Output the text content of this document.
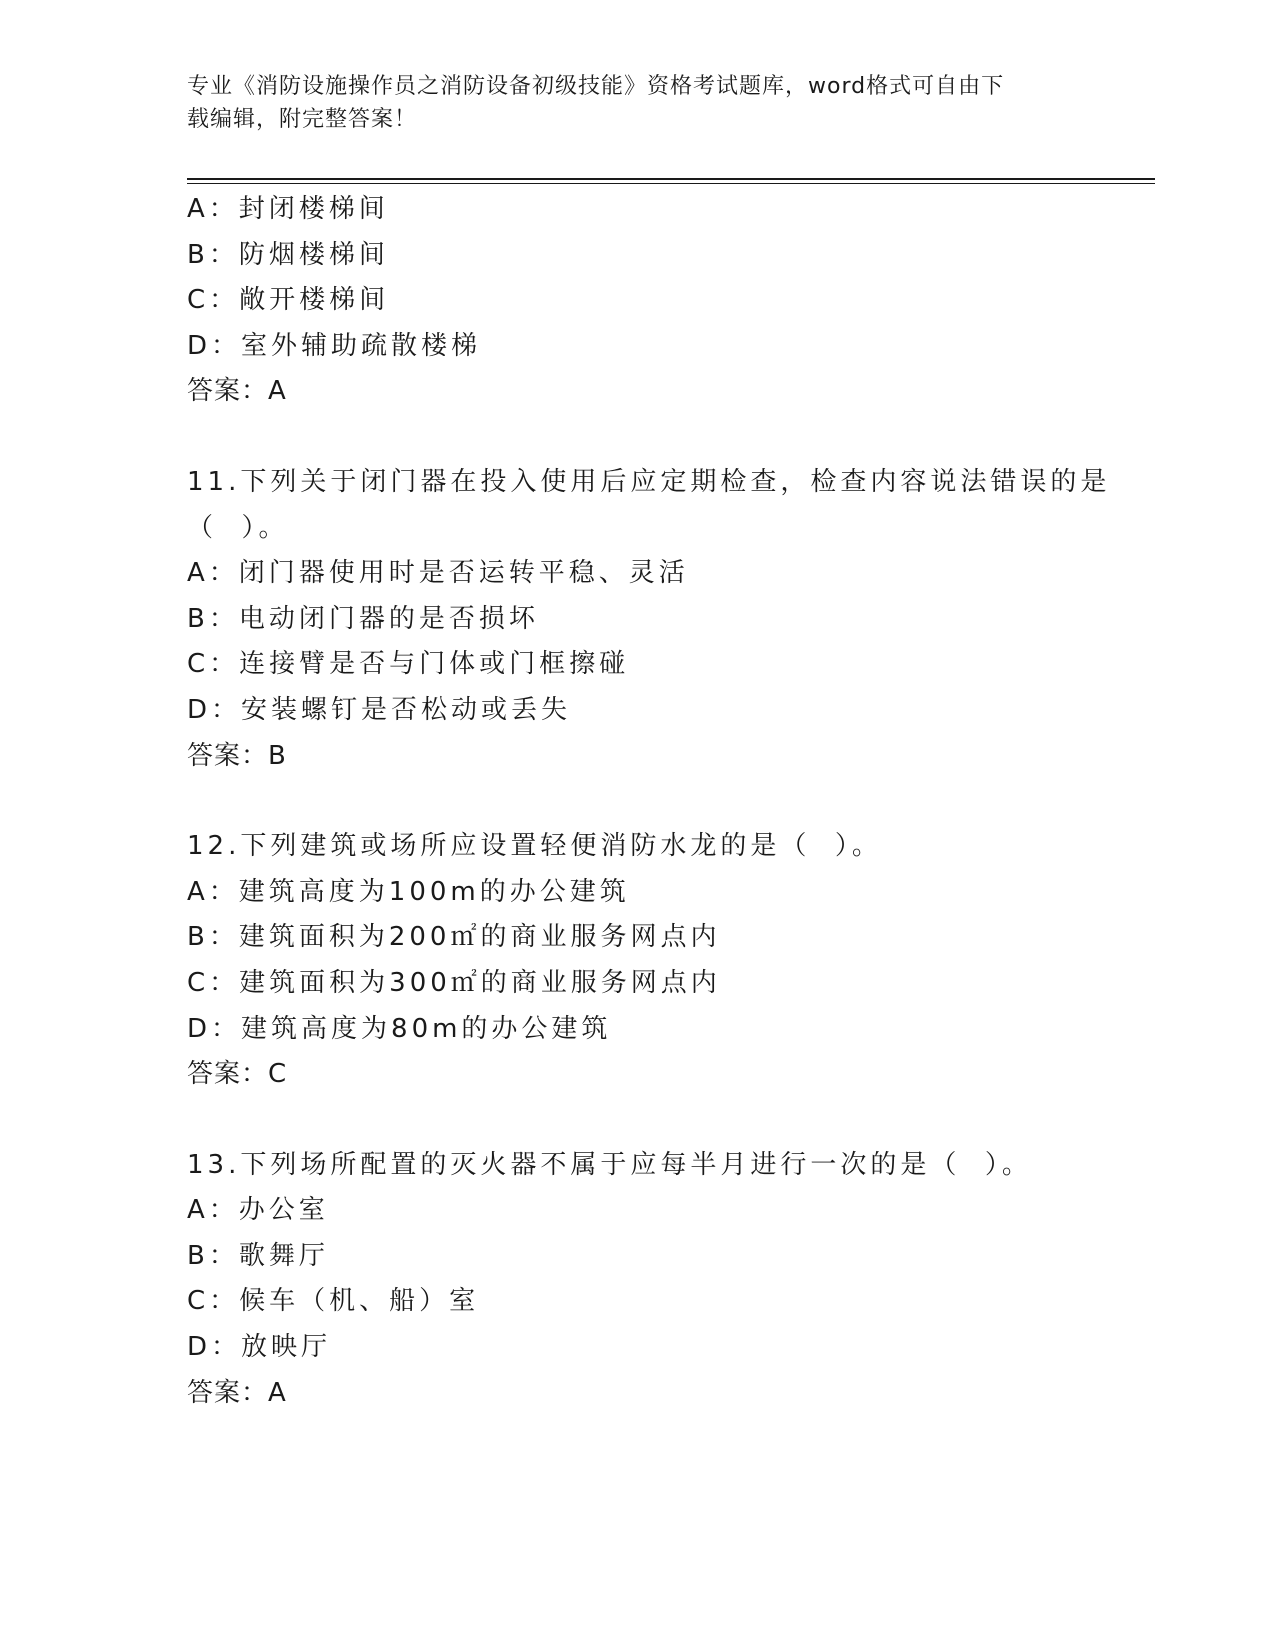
专业《消防设施操作员之消防设备初级技能》资格考试题库，word格式可自由下
载编辑，附完整答案！
A：封闭楼梯间
B：防烟楼梯间
C：敞开楼梯间
D：室外辅助疏散楼梯
答案：A
11.下列关于闭门器在投入使用后应定期检查，检查内容说法错误的是
（  ）。
A：闭门器使用时是否运转平稳、灵活
B：电动闭门器的是否损坏
C：连接臂是否与门体或门框擦碰
D：安装螺钉是否松动或丢失
答案：B
12.下列建筑或场所应设置轻便消防水龙的是（  ）。
A：建筑高度为100m的办公建筑
B：建筑面积为200㎡的商业服务网点内
C：建筑面积为300㎡的商业服务网点内
D：建筑高度为80m的办公建筑
答案：C
13.下列场所配置的灭火器不属于应每半月进行一次的是（  ）。
A：办公室
B：歌舞厅
C：候车（机、船）室
D：放映厅
答案：A
